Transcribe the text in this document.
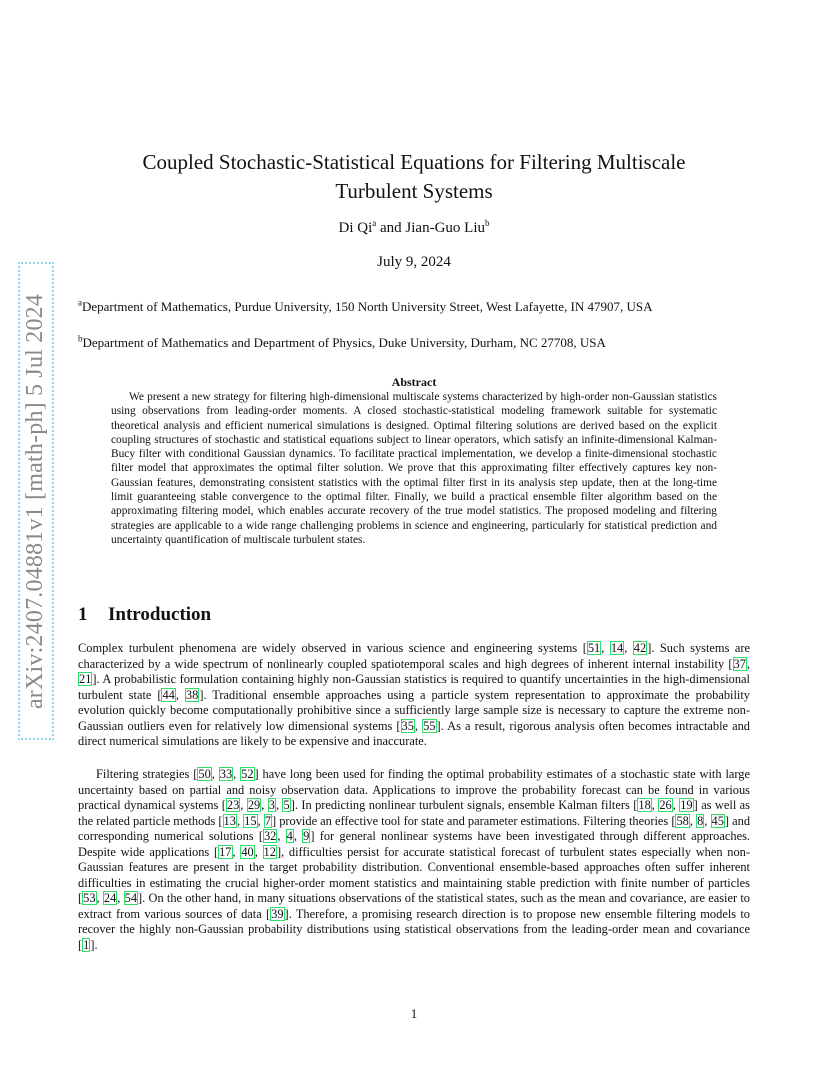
arXiv:2407.04881v1 [math-ph] 5 Jul 2024
Coupled Stochastic-Statistical Equations for Filtering Multiscale Turbulent Systems
Di Qi$^a$ and Jian-Guo Liu$^b$
July 9, 2024
$^a$Department of Mathematics, Purdue University, 150 North University Street, West Lafayette, IN 47907, USA
$^b$Department of Mathematics and Department of Physics, Duke University, Durham, NC 27708, USA
Abstract

We present a new strategy for filtering high-dimensional multiscale systems characterized by high-order non-Gaussian statistics using observations from leading-order moments. A closed stochastic-statistical modeling framework suitable for systematic theoretical analysis and efficient numerical simulations is designed. Optimal filtering solutions are derived based on the explicit coupling structures of stochastic and statistical equations subject to linear operators, which satisfy an infinite-dimensional Kalman-Bucy filter with conditional Gaussian dynamics. To facilitate practical implementation, we develop a finite-dimensional stochastic filter model that approximates the optimal filter solution. We prove that this approximating filter effectively captures key non-Gaussian features, demonstrating consistent statistics with the optimal filter first in its analysis step update, then at the long-time limit guaranteeing stable convergence to the optimal filter. Finally, we build a practical ensemble filter algorithm based on the approximating filtering model, which enables accurate recovery of the true model statistics. The proposed modeling and filtering strategies are applicable to a wide range challenging problems in science and engineering, particularly for statistical prediction and uncertainty quantification of multiscale turbulent states.

1 Introduction

Complex turbulent phenomena are widely observed in various science and engineering systems [51, 14, 42]. Such systems are characterized by a wide spectrum of nonlinearly coupled spatiotemporal scales and high degrees of inherent internal instability [37, 21]. A probabilistic formulation containing highly non-Gaussian statistics is required to quantify uncertainties in the high-dimensional turbulent state [44, 38]. Traditional ensemble approaches using a particle system representation to approximate the probability evolution quickly become computationally prohibitive since a sufficiently large sample size is necessary to capture the extreme non-Gaussian outliers even for relatively low dimensional systems [35, 55]. As a result, rigorous analysis often becomes intractable and direct numerical simulations are likely to be expensive and inaccurate.

Filtering strategies [50, 33, 52] have long been used for finding the optimal probability estimates of a stochastic state with large uncertainty based on partial and noisy observation data. Applications to improve the probability forecast can be found in various practical dynamical systems [23, 29, 3, 5]. In predicting nonlinear turbulent signals, ensemble Kalman filters [18, 26, 19] as well as the related particle methods [13, 15, 7] provide an effective tool for state and parameter estimations. Filtering theories [58, 8, 45] and corresponding numerical solutions [32, 4, 9] for general nonlinear systems have been investigated through different approaches. Despite wide applications [17, 40, 12], difficulties persist for accurate statistical forecast of turbulent states especially when non-Gaussian features are present in the target probability distribution. Conventional ensemble-based approaches often suffer inherent difficulties in estimating the crucial higher-order moment statistics and maintaining stable prediction with finite number of particles [53, 24, 54]. On the other hand, in many situations observations of the statistical states, such as the mean and covariance, are easier to extract from various sources of data [39]. Therefore, a promising research direction is to propose new ensemble filtering models to recover the highly non-Gaussian probability distributions using statistical observations from the leading-order mean and covariance [1].

1
